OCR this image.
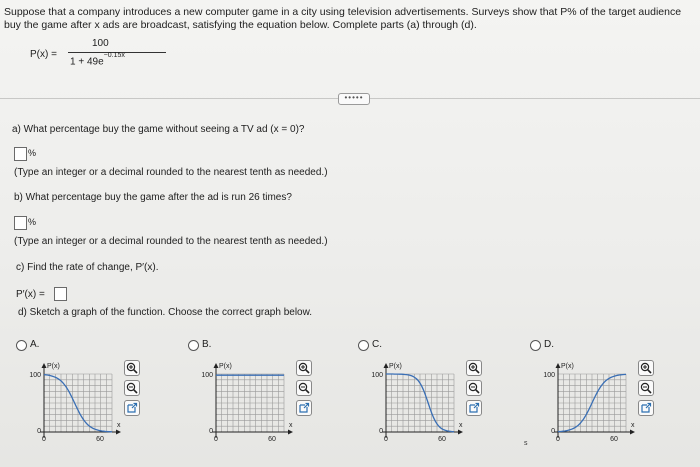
Suppose that a company introduces a new computer game in a city using television advertisements. Surveys show that P% of the target audience buy the game after x ads are broadcast, satisfying the equation below. Complete parts (a) through (d).
P(x) =
100
$1 + 49e^{-0.15x}$
•••••
a) What percentage buy the game without seeing a TV ad (x = 0)?
%
(Type an integer or a decimal rounded to the nearest tenth as needed.)
b) What percentage buy the game after the ad is run 26 times?
%
(Type an integer or a decimal rounded to the nearest tenth as needed.)
c) Find the rate of change, P′(x).
P′(x) =
d) Sketch a graph of the function. Choose the correct graph below.
A.
P(x)
100
0
0	60
x
B.
P(x)
100
0
0	60
x
C.
P(x)
100
0
0	60
x
D.
P(x)
100
0
0	60
x
s
